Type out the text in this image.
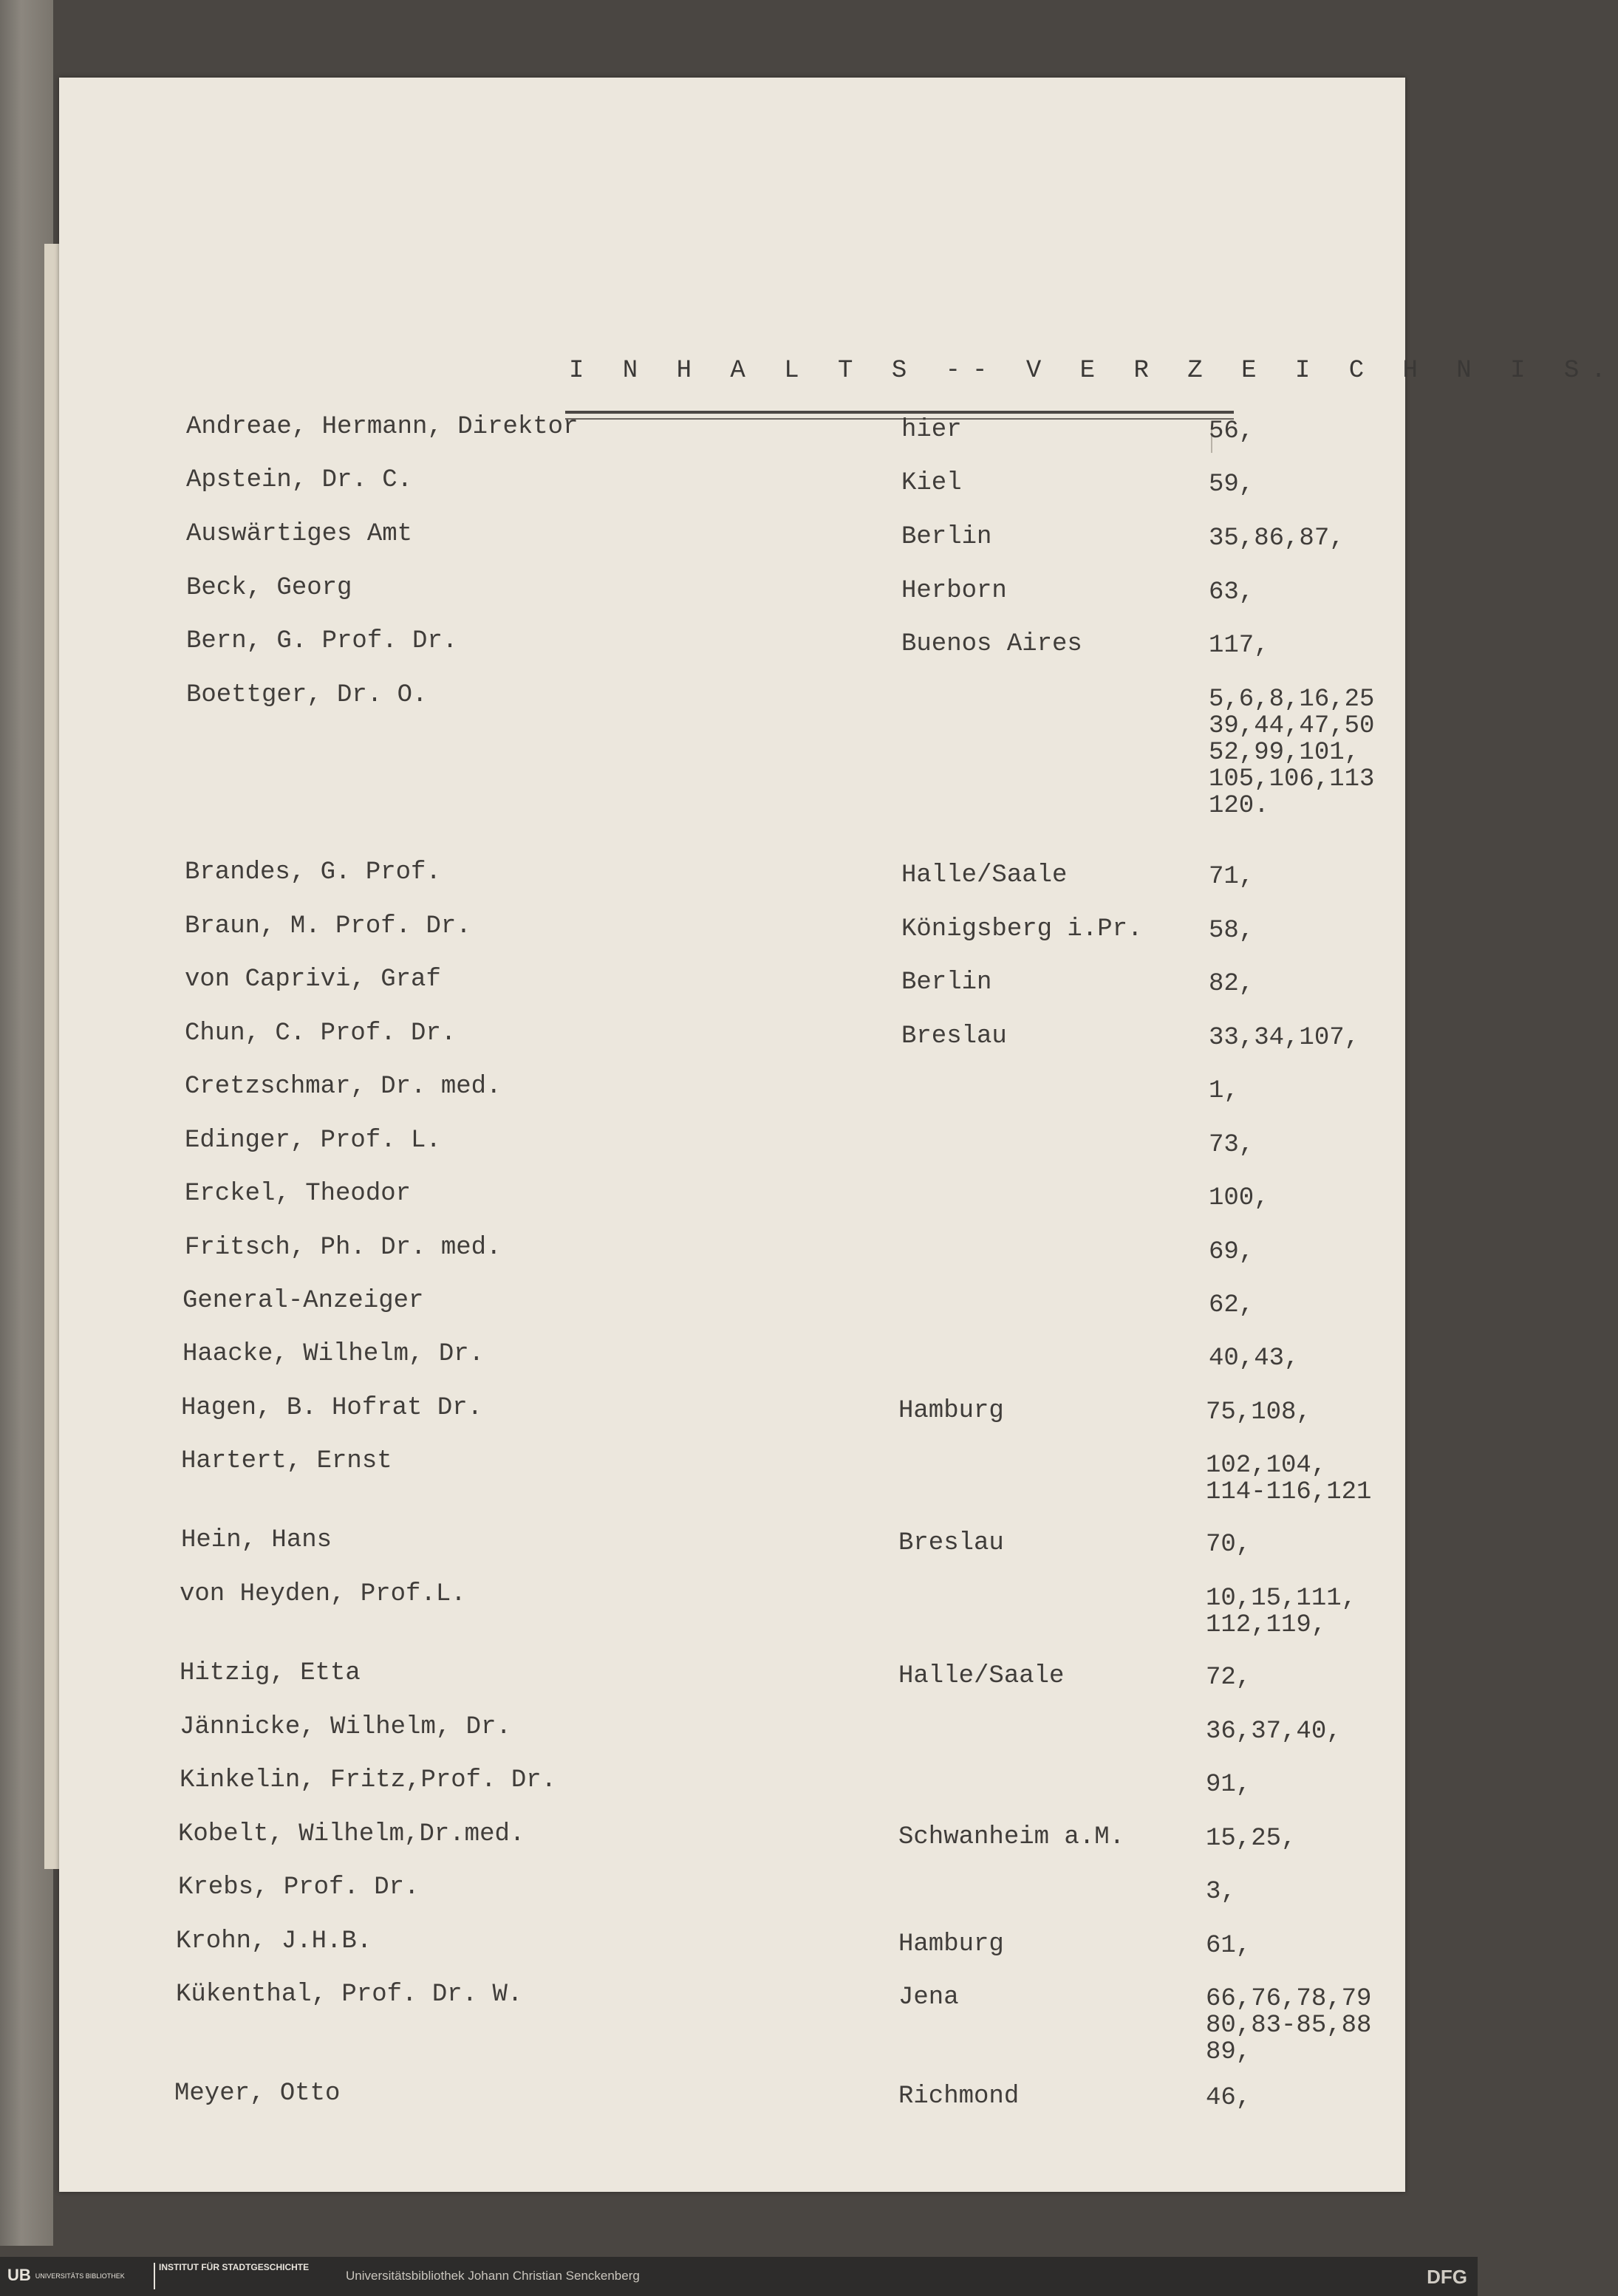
I N H A L T S -- V E R Z E I C H N I S.
Andreae, Hermann, Direktor	hier	56,
Apstein, Dr. C.	Kiel	59,
Auswärtiges Amt	Berlin	35,86,87,
Beck, Georg	Herborn	63,
Bern, G. Prof. Dr.	Buenos Aires	117,
Boettger, Dr. O.	5,6,8,16,25
39,44,47,50
52,99,101,
105,106,113
120.
Brandes, G. Prof.	Halle/Saale	71,
Braun, M. Prof. Dr.	Königsberg i.Pr.	58,
von Caprivi, Graf	Berlin	82,
Chun, C. Prof. Dr.	Breslau	33,34,107,
Cretzschmar, Dr. med.	1,
Edinger, Prof. L.	73,
Erckel, Theodor	100,
Fritsch, Ph. Dr. med.	69,
General-Anzeiger	62,
Haacke, Wilhelm, Dr.	40,43,
Hagen, B. Hofrat Dr.	Hamburg	75,108,
Hartert, Ernst	102,104,
114-116,121
Hein, Hans	Breslau	70,
von Heyden, Prof.L.	10,15,111,
112,119,
Hitzig, Etta	Halle/Saale	72,
Jännicke, Wilhelm, Dr.	36,37,40,
Kinkelin, Fritz,Prof. Dr.	91,
Kobelt, Wilhelm,Dr.med.	Schwanheim a.M.	15,25,
Krebs, Prof. Dr.	3,
Krohn, J.H.B.	Hamburg	61,
Kükenthal, Prof. Dr. W.	Jena	66,76,78,79
80,83-85,88
89,
Meyer, Otto	Richmond	46,
UB UNIVERSITÄTS BIBLIOTHEK
INSTITUT FÜR STADTGESCHICHTE
Universitätsbibliothek Johann Christian Senckenberg	DFG
